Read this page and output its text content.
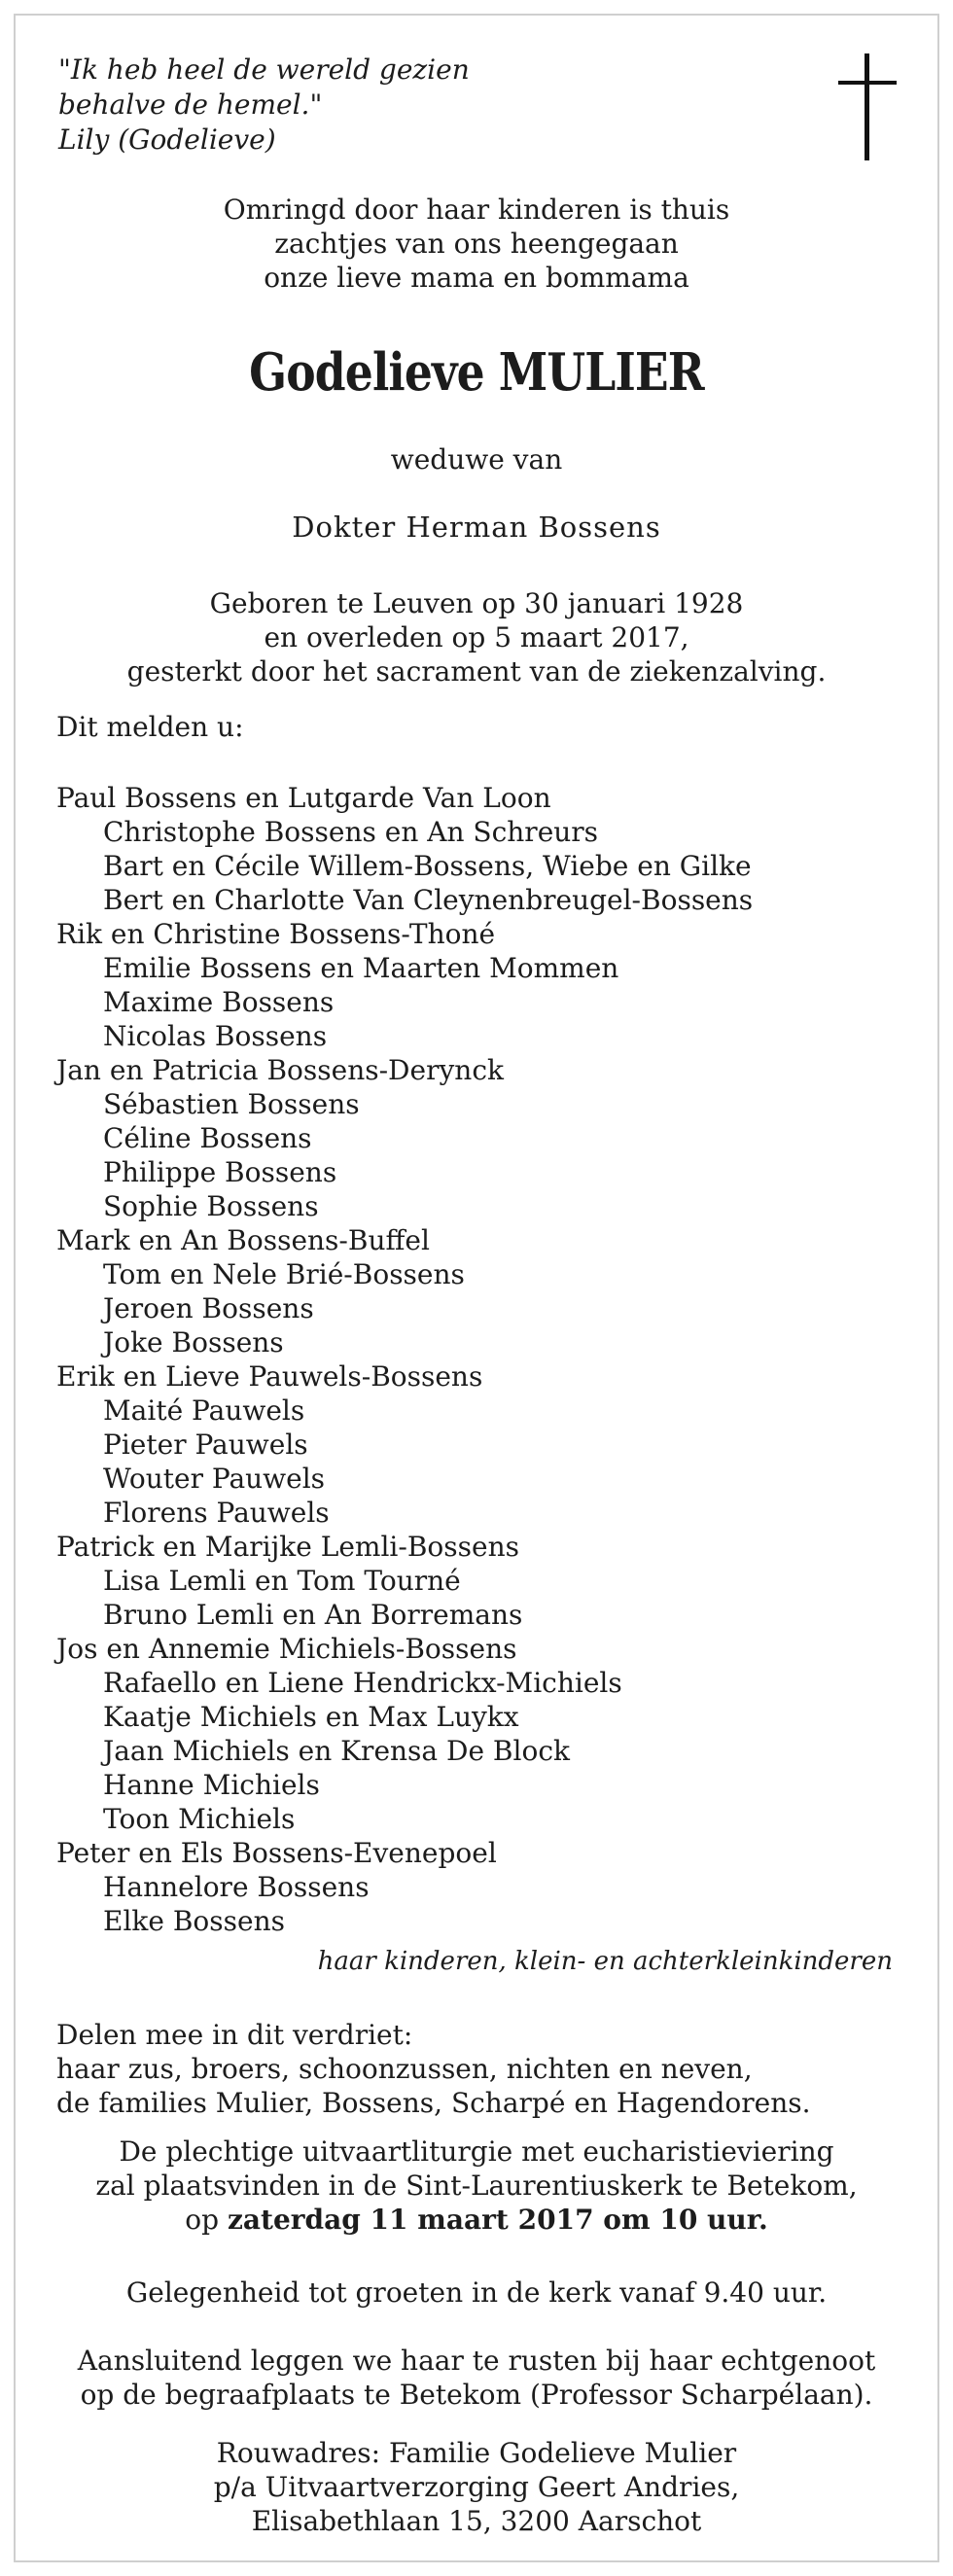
"Ik heb heel de wereld gezien
behalve de hemel."
Lily (Godelieve)
Omringd door haar kinderen is thuis
zachtjes van ons heengegaan
onze lieve mama en bommama
Godelieve MULIER
weduwe van
Dokter Herman Bossens
Geboren te Leuven op 30 januari 1928
en overleden op 5 maart 2017,
gesterkt door het sacrament van de ziekenzalving.
Dit melden u:
Paul Bossens en Lutgarde Van Loon
Christophe Bossens en An Schreurs
Bart en Cécile Willem-Bossens, Wiebe en Gilke
Bert en Charlotte Van Cleynenbreugel-Bossens
Rik en Christine Bossens-Thoné
Emilie Bossens en Maarten Mommen
Maxime Bossens
Nicolas Bossens
Jan en Patricia Bossens-Derynck
Sébastien Bossens
Céline Bossens
Philippe Bossens
Sophie Bossens
Mark en An Bossens-Buffel
Tom en Nele Brié-Bossens
Jeroen Bossens
Joke Bossens
Erik en Lieve Pauwels-Bossens
Maité Pauwels
Pieter Pauwels
Wouter Pauwels
Florens Pauwels
Patrick en Marijke Lemli-Bossens
Lisa Lemli en Tom Tourné
Bruno Lemli en An Borremans
Jos en Annemie Michiels-Bossens
Rafaello en Liene Hendrickx-Michiels
Kaatje Michiels en Max Luykx
Jaan Michiels en Krensa De Block
Hanne Michiels
Toon Michiels
Peter en Els Bossens-Evenepoel
Hannelore Bossens
Elke Bossens
haar kinderen, klein- en achterkleinkinderen
Delen mee in dit verdriet:
haar zus, broers, schoonzussen, nichten en neven,
de families Mulier, Bossens, Scharpé en Hagendorens.
De plechtige uitvaartliturgie met eucharistieviering
zal plaatsvinden in de Sint-Laurentiuskerk te Betekom,
op zaterdag 11 maart 2017 om 10 uur.
Gelegenheid tot groeten in de kerk vanaf 9.40 uur.
Aansluitend leggen we haar te rusten bij haar echtgenoot
op de begraafplaats te Betekom (Professor Scharpélaan).
Rouwadres: Familie Godelieve Mulier
p/a Uitvaartverzorging Geert Andries,
Elisabethlaan 15, 3200 Aarschot
